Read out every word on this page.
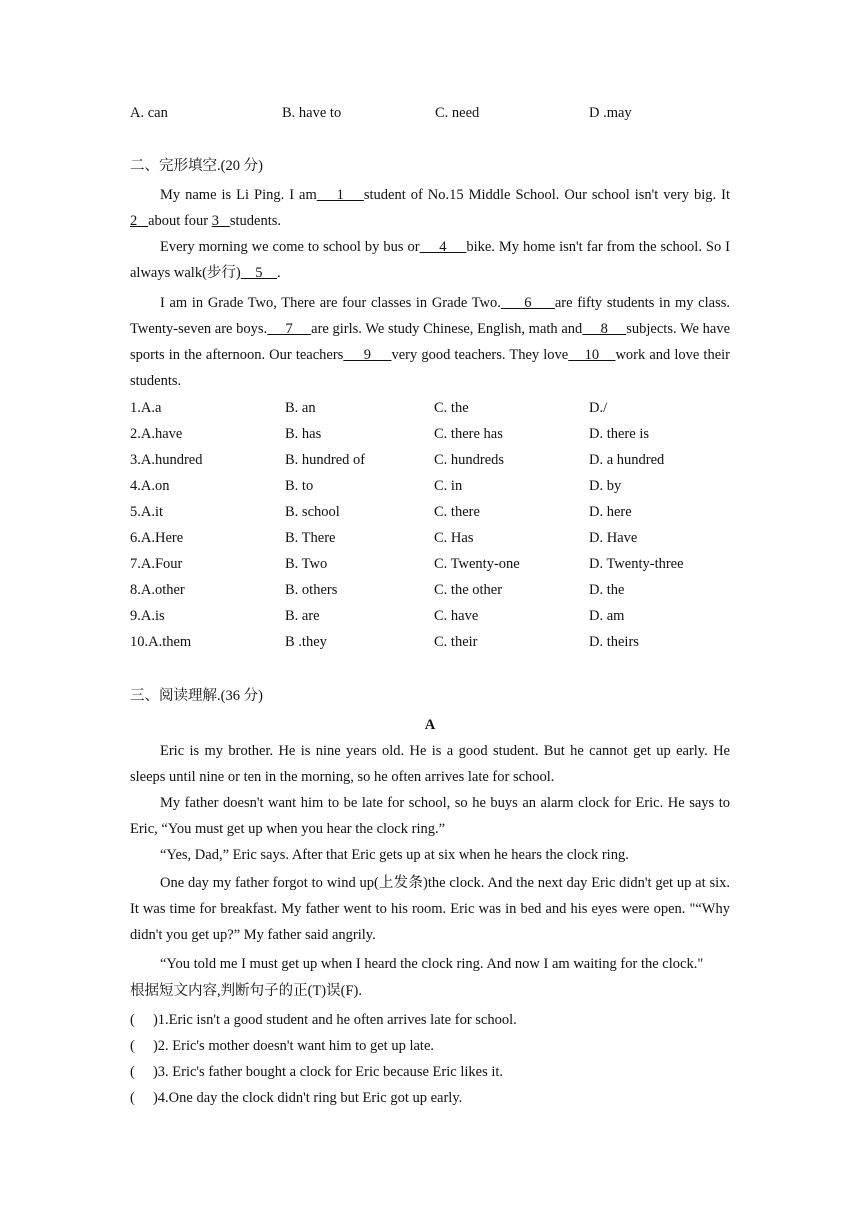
A. can	B. have to	C. need	D .may
二、完形填空.(20 分)
My name is Li Ping. I am    1    student of No.15 Middle School. Our school isn't very big. It 2   about four 3   students.
Every morning we come to school by bus or     4     bike. My home isn't far from the school. So I always walk(步行)    5    .
I am in Grade Two, There are four classes in Grade Two.     6     are fifty students in my class. Twenty-seven are boys.     7     are girls. We study Chinese, English, math and     8     subjects. We have sports in the afternoon. Our teachers     9     very good teachers. They love    10    work and love their students.
1.A.a	B. an	C. the	D./
2.A.have	B. has	C. there has	D. there is
3.A.hundred	B. hundred of	C. hundreds	D. a hundred
4.A.on	B. to	C. in	D. by
5.A.it	B. school	C. there	D. here
6.A.Here	B. There	C. Has	D. Have
7.A.Four	B. Two	C. Twenty-one	D. Twenty-three
8.A.other	B. others	C. the other	D. the
9.A.is	B. are	C. have	D. am
10.A.them	B .they	C. their	D. theirs
三、阅读理解.(36 分)
A
Eric is my brother. He is nine years old. He is a good student. But he cannot get up early. He sleeps until nine or ten in the morning, so he often arrives late for school.
My father doesn't want him to be late for school, so he buys an alarm clock for Eric. He says to Eric, “You must get up when you hear the clock ring.”
“Yes, Dad,” Eric says. After that Eric gets up at six when he hears the clock ring.
One day my father forgot to wind up(上发条)the clock. And the next day Eric didn't get up at six. It was time for breakfast. My father went to his room. Eric was in bed and his eyes were open. "“Why didn't you get up?” My father said angrily.
“You told me I must get up when I heard the clock ring. And now I am waiting for the clock."
根据短文内容,判断句子的正(T)误(F).
(     )1.Eric isn't a good student and he often arrives late for school.
(     )2. Eric's mother doesn't want him to get up late.
(     )3. Eric's father bought a clock for Eric because Eric likes it.
(     )4.One day the clock didn't ring but Eric got up early.
